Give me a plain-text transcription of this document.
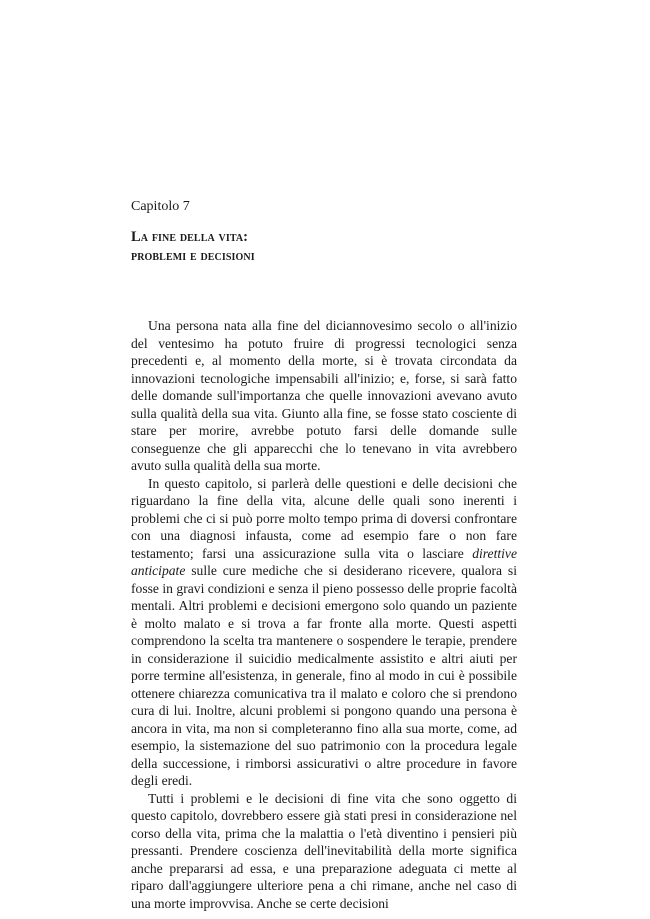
Capitolo 7
La fine della vita:
problemi e decisioni

Una persona nata alla fine del diciannovesimo secolo o all'inizio del ventesimo ha potuto fruire di progressi tecnologici senza precedenti e, al momento della morte, si è trovata circondata da innovazioni tecnologiche impensabili all'inizio; e, forse, si sarà fatto delle domande sull'importanza che quelle innovazioni avevano avuto sulla qualità della sua vita. Giunto alla fine, se fosse stato cosciente di stare per morire, avrebbe potuto farsi delle domande sulle conseguenze che gli apparecchi che lo tenevano in vita avrebbero avuto sulla qualità della sua morte.

In questo capitolo, si parlerà delle questioni e delle decisioni che riguardano la fine della vita, alcune delle quali sono inerenti i problemi che ci si può porre molto tempo prima di doversi confrontare con una diagnosi infausta, come ad esempio fare o non fare testamento; farsi una assicurazione sulla vita o lasciare direttive anticipate sulle cure mediche che si desiderano ricevere, qualora si fosse in gravi condizioni e senza il pieno possesso delle proprie facoltà mentali. Altri problemi e decisioni emergono solo quando un paziente è molto malato e si trova a far fronte alla morte. Questi aspetti comprendono la scelta tra mantenere o sospendere le terapie, prendere in considerazione il suicidio medicalmente assistito e altri aiuti per porre termine all'esistenza, in generale, fino al modo in cui è possibile ottenere chiarezza comunicativa tra il malato e coloro che si prendono cura di lui. Inoltre, alcuni problemi si pongono quando una persona è ancora in vita, ma non si completeranno fino alla sua morte, come, ad esempio, la sistemazione del suo patrimonio con la procedura legale della successione, i rimborsi assicurativi o altre procedure in favore degli eredi.

Tutti i problemi e le decisioni di fine vita che sono oggetto di questo capitolo, dovrebbero essere già stati presi in considerazione nel corso della vita, prima che la malattia o l'età diventino i pensieri più pressanti. Prendere coscienza dell'inevitabilità della morte significa anche prepararsi ad essa, e una preparazione adeguata ci mette al riparo dall'aggiungere ulteriore pena a chi rimane, anche nel caso di una morte improvvisa. Anche se certe decisioni
